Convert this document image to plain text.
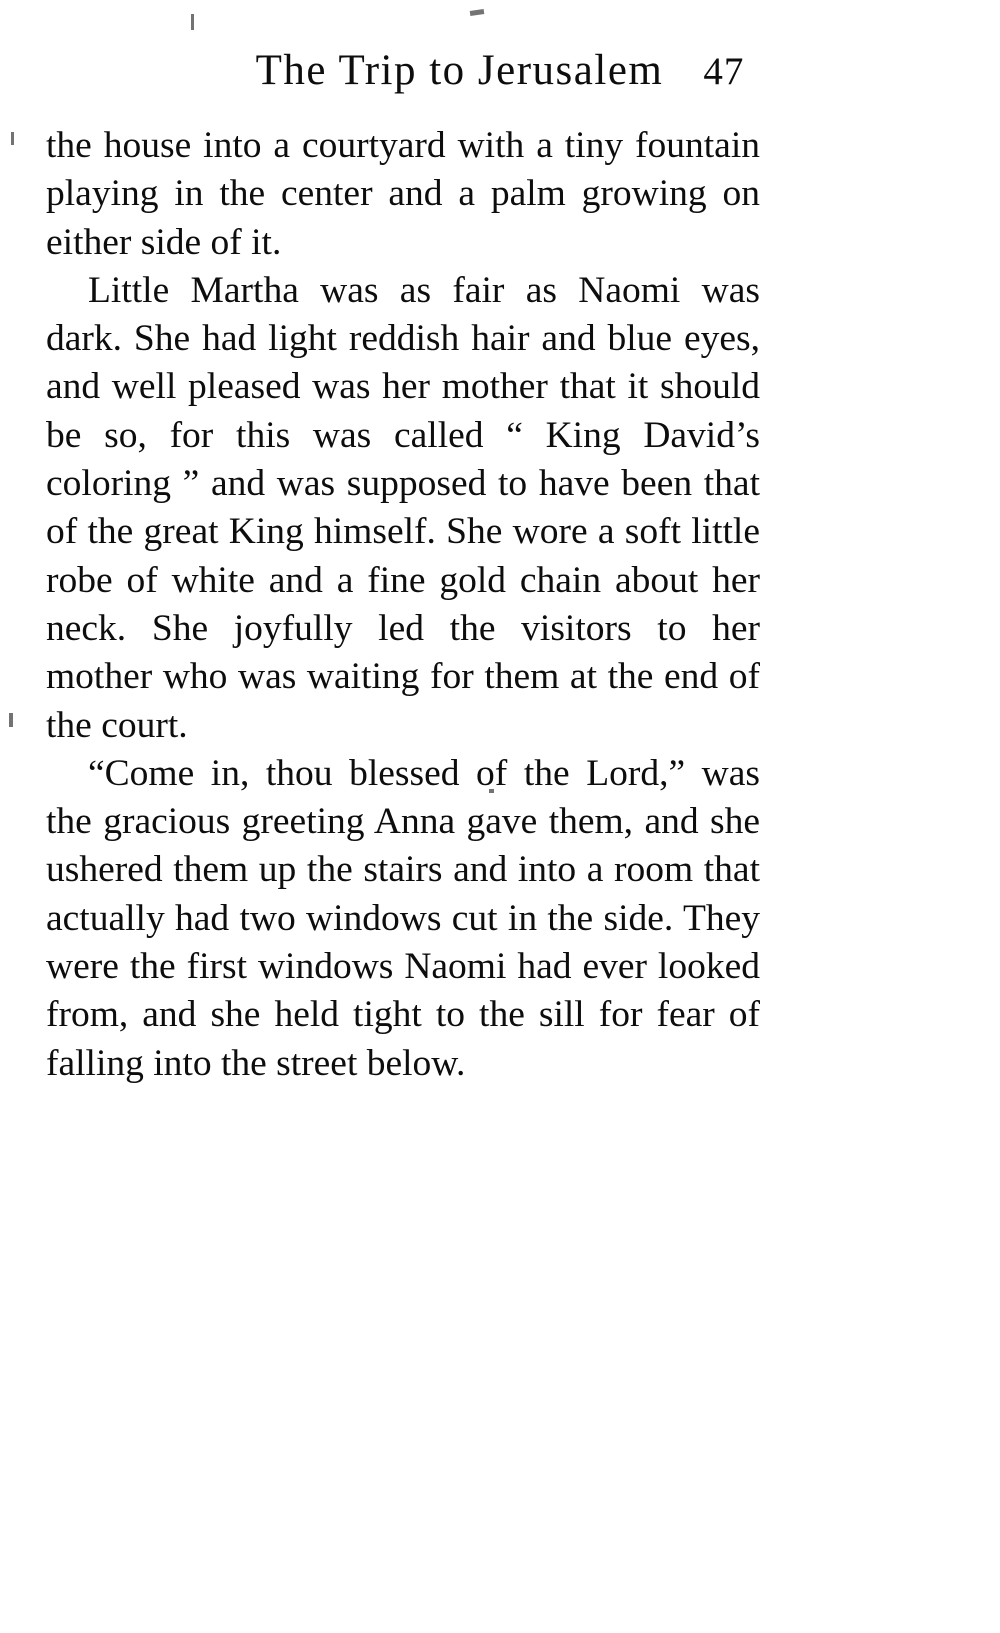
The Trip to Jerusalem 47

the house into a courtyard with a tiny fountain playing in the center and a palm growing on either side of it.

Little Martha was as fair as Naomi was dark. She had light reddish hair and blue eyes, and well pleased was her mother that it should be so, for this was called “ King David’s coloring ” and was supposed to have been that of the great King himself. She wore a soft little robe of white and a fine gold chain about her neck. She joyfully led the visitors to her mother who was waiting for them at the end of the court.

“Come in, thou blessed of the Lord,” was the gracious greeting Anna gave them, and she ushered them up the stairs and into a room that actually had two windows cut in the side. They were the first windows Naomi had ever looked from, and she held tight to the sill for fear of falling into the street below.
